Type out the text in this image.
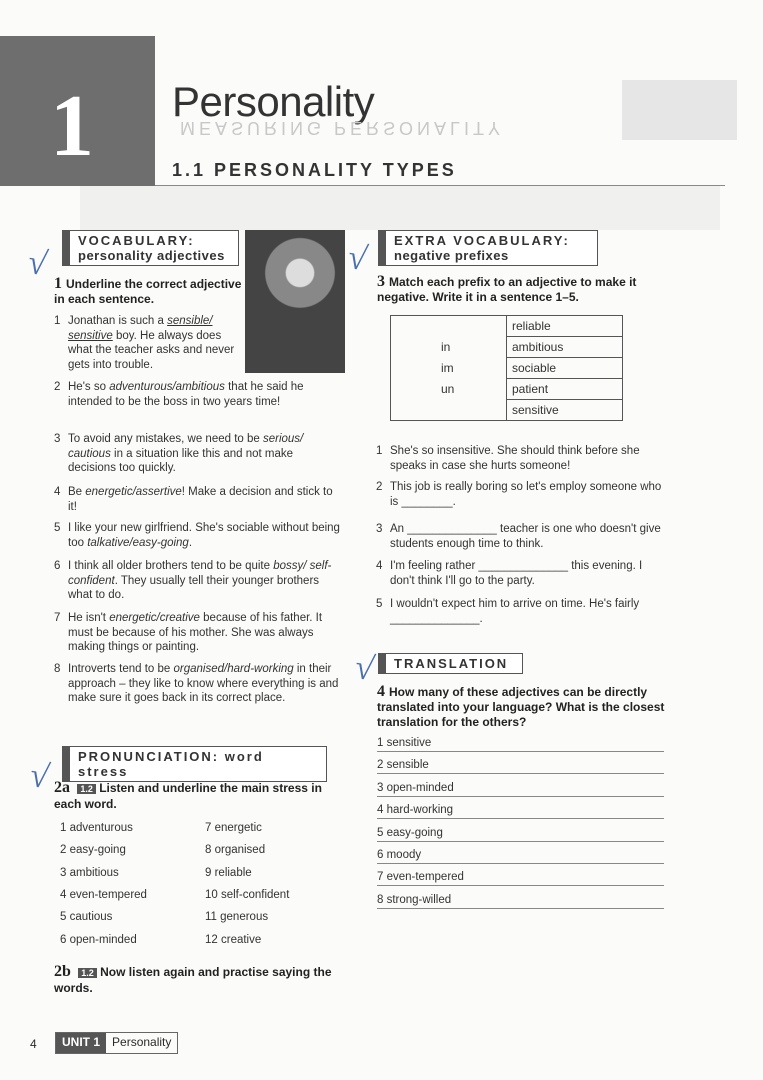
1 Personality
MEASURING PERSONALITY
1.1 PERSONALITY TYPES
√
VOCABULARY:
personality adjectives
1 Underline the correct adjective in each sentence.
√
PRONUNCIATION: word stress
2a 1.2 Listen and underline the main stress in each word.
2b 1.2 Now listen again and practise saying the words.
√ EXTRA VOCABULARY:
negative prefixes
3 Match each prefix to an adjective to make it negative. Write it in a sentence 1–5.
	reliable
in	ambitious
im	sociable
un	patient
	sensitive
√ TRANSLATION
4 How many of these adjectives can be directly translated into your language? What is the closest translation for the others?
4	UNIT 1	Personality
1 Jonathan is such a sensible/ sensitive boy. He always does what the teacher asks and never gets into trouble.
2 He's so adventurous/ambitious that he said he intended to be the boss in two years time!
3 To avoid any mistakes, we need to be serious/ cautious in a situation like this and not make decisions too quickly.
4 Be energetic/assertive! Make a decision and stick to it!
5 I like your new girlfriend. She's sociable without being too talkative/easy-going.
6 I think all older brothers tend to be quite bossy/ self-confident. They usually tell their younger brothers what to do.
7 He isn't energetic/creative because of his father. It must be because of his mother. She was always making things or painting.
8 Introverts tend to be organised/hard-working in their approach – they like to know where everything is and make sure it goes back in its correct place.
1 adventurous
2 easy-going
3 ambitious
4 even-tempered
5 cautious
6 open-minded
7 energetic
8 organised
9 reliable
10 self-confident
11 generous
12 creative
1 She's so insensitive. She should think before she speaks in case she hurts someone!
2 This job is really boring so let's employ someone who is ________.
3 An ______________ teacher is one who doesn't give students enough time to think.
4 I'm feeling rather ______________ this evening. I don't think I'll go to the party.
5 I wouldn't expect him to arrive on time. He's fairly ______________.
1 sensitive
2 sensible
3 open-minded
4 hard-working
5 easy-going
6 moody
7 even-tempered
8 strong-willed
